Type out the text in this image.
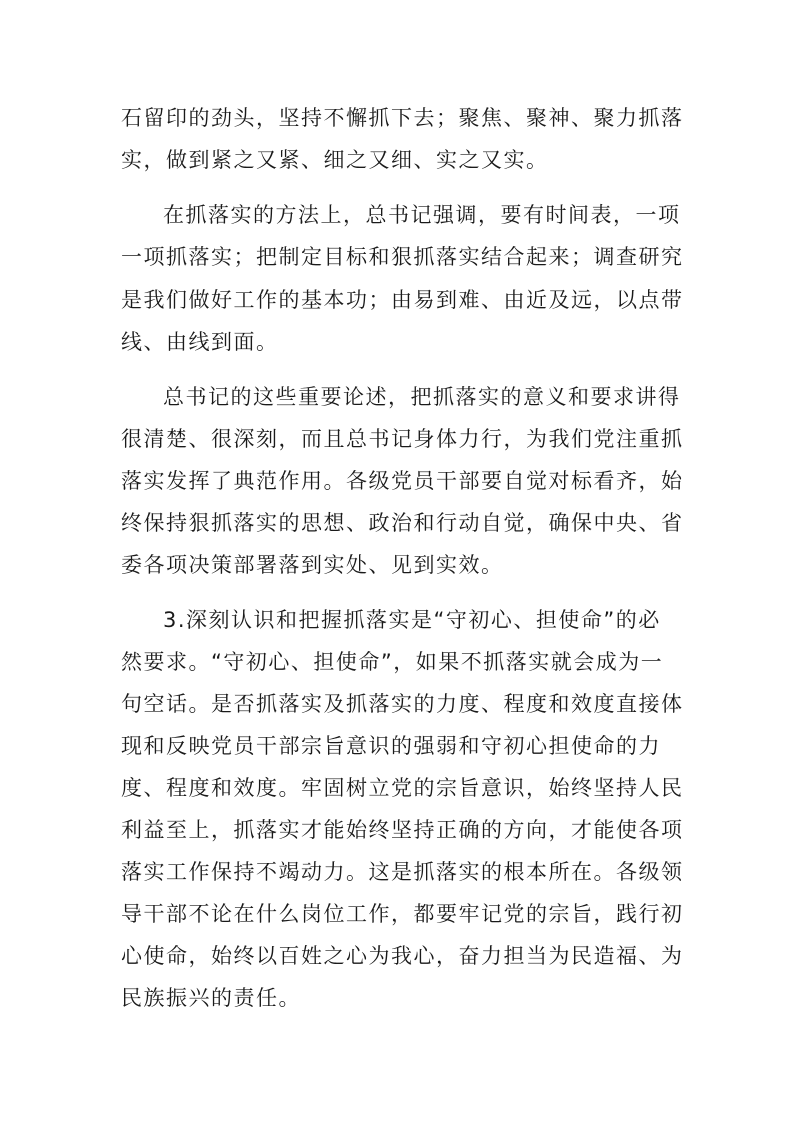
石留印的劲头，坚持不懈抓下去；聚焦、聚神、聚力抓落
实，做到紧之又紧、细之又细、实之又实。
在抓落实的方法上，总书记强调，要有时间表，一项
一项抓落实；把制定目标和狠抓落实结合起来；调查研究
是我们做好工作的基本功；由易到难、由近及远，以点带
线、由线到面。
总书记的这些重要论述，把抓落实的意义和要求讲得
很清楚、很深刻，而且总书记身体力行，为我们党注重抓
落实发挥了典范作用。各级党员干部要自觉对标看齐，始
终保持狠抓落实的思想、政治和行动自觉，确保中央、省
委各项决策部署落到实处、见到实效。
3.深刻认识和把握抓落实是“守初心、担使命”的必
然要求。“守初心、担使命”，如果不抓落实就会成为一
句空话。是否抓落实及抓落实的力度、程度和效度直接体
现和反映党员干部宗旨意识的强弱和守初心担使命的力
度、程度和效度。牢固树立党的宗旨意识，始终坚持人民
利益至上，抓落实才能始终坚持正确的方向，才能使各项
落实工作保持不竭动力。这是抓落实的根本所在。各级领
导干部不论在什么岗位工作，都要牢记党的宗旨，践行初
心使命，始终以百姓之心为我心，奋力担当为民造福、为
民族振兴的责任。
